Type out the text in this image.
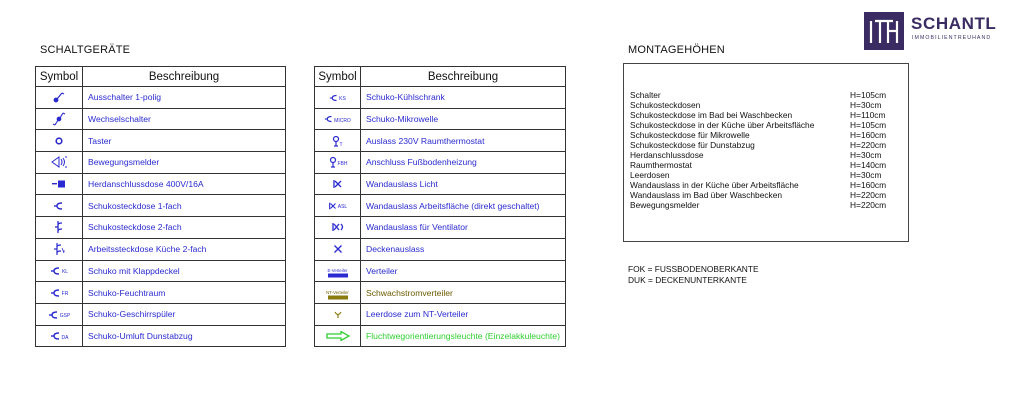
SCHANTL
IMMOBILIENTREUHAND
SCHALTGERÄTE
Symbol	Beschreibung

	Ausschalter 1-polig

	Wechselschalter

	Taster

	Bewegungsmelder

	Herdanschlussdose 400V/16A

	Schukosteckdose 1-fach

	Schukosteckdose 2-fach

	Arbeitssteckdose Küche 2-fach
KL	Schuko mit Klappdeckel
FR	Schuko-Feuchtraum
GSP	Schuko-Geschirrspüler
DA	Schuko-Umluft Dunstabzug
Symbol	Beschreibung
KS	Schuko-Kühlschrank
MICRO	Schuko-Mikrowelle

T	Auslass 230V Raumthermostat
FBH	Anschluss Fußbodenheizung

	Wandauslass Licht
ASL	Wandauslass Arbeitsfläche (direkt geschaltet)

	Wandauslass für Ventilator

	Deckenauslass

E-Verteiler	Verteiler

NT-Verteiler	Schwachstromverteiler

	Leerdose zum NT-Verteiler

	Fluchtwegorientierungsleuchte (Einzelakkuleuchte)
MONTAGEHÖHEN
Schalter	H=105cm
Schukosteckdosen	H=30cm
Schukosteckdose im Bad bei Waschbecken	H=110cm
Schukosteckdose in der Küche über Arbeitsfläche	H=105cm
Schukosteckdose für Mikrowelle	H=160cm
Schukosteckdose für Dunstabzug	H=220cm
Herdanschlussdose	H=30cm
Raumthermostat	H=140cm
Leerdosen	H=30cm
Wandauslass in der Küche über Arbeitsfläche	H=160cm
Wandauslass im Bad über Waschbecken	H=220cm
Bewegungsmelder	H=220cm
FOK = FUSSBODENOBERKANTE
DUK = DECKENUNTERKANTE
